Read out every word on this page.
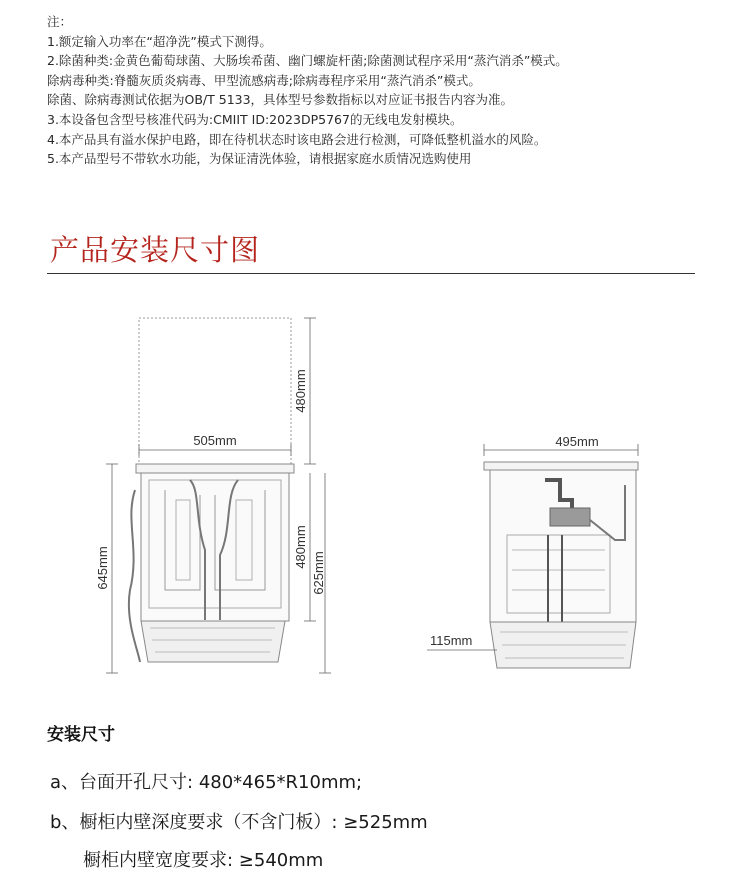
注：
1.额定输入功率在“超净洗”模式下测得。
2.除菌种类:金黄色葡萄球菌、大肠埃希菌、幽门螺旋杆菌;除菌测试程序采用“蒸汽消杀”模式。
除病毒种类:脊髓灰质炎病毒、甲型流感病毒;除病毒程序采用“蒸汽消杀”模式。
除菌、除病毒测试依据为OB/T 5133，具体型号参数指标以对应证书报告内容为准。
3.本设备包含型号核准代码为:CMIIT ID:2023DP5767的无线电发射模块。
4.本产品具有溢水保护电路，即在待机状态时该电路会进行检测，可降低整机溢水的风险。
5.本产品型号不带软水功能，为保证清洗体验，请根据家庭水质情况选购使用
产品安装尺寸图
505mm
480mm
480mm
625mm
645mm
495mm
115mm
安装尺寸
a、台面开孔尺寸: 480*465*R10mm;
b、橱柜内壁深度要求（不含门板）: ≥525mm
橱柜内壁宽度要求: ≥540mm
